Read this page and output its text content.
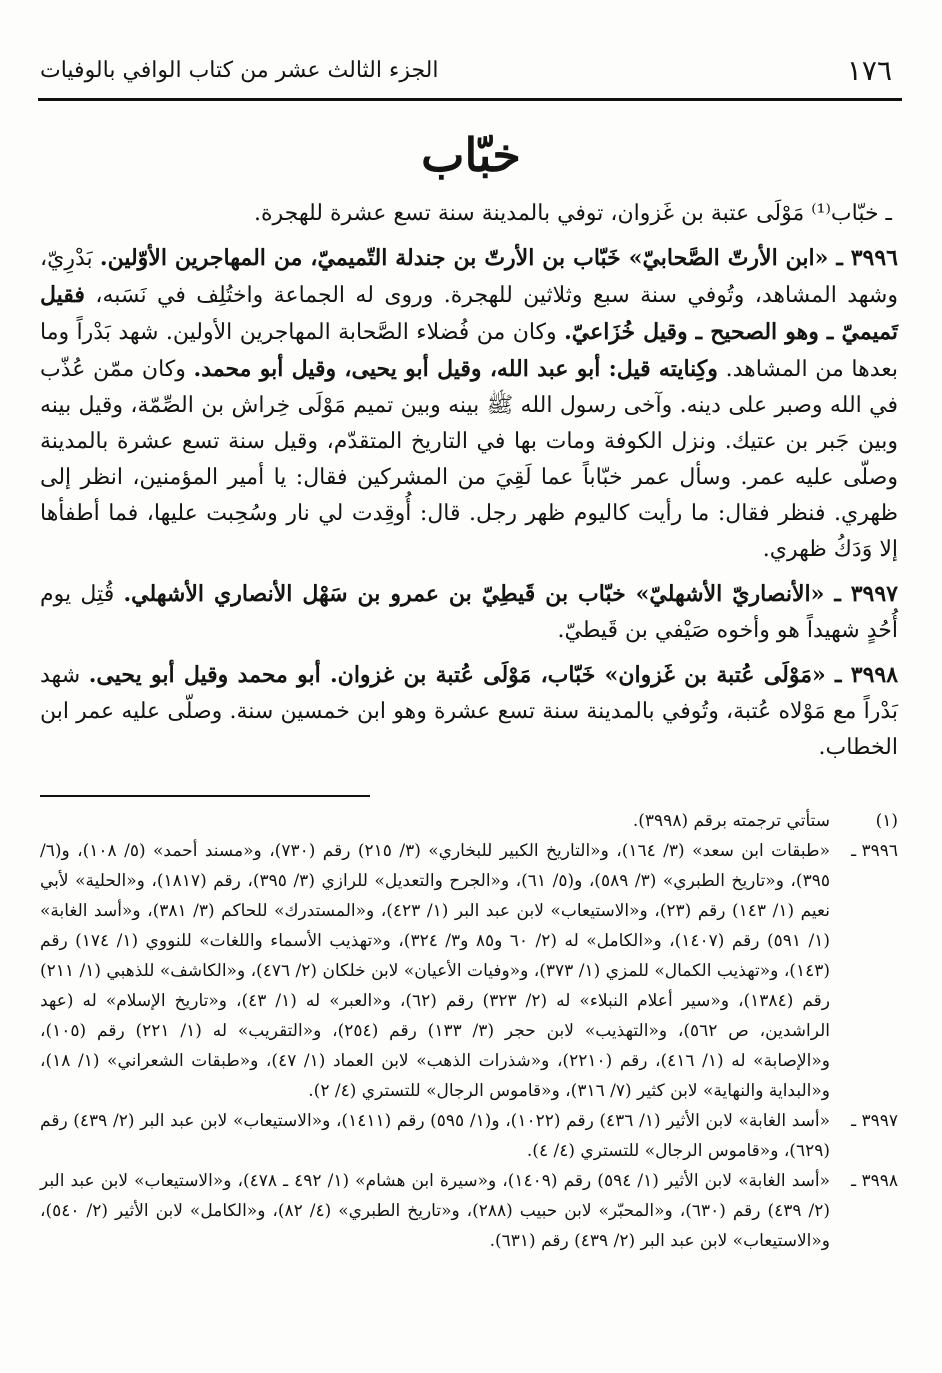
١٧٦
الجزء الثالث عشر من كتاب الوافي بالوفيات
خبّاب

ـ خبّاب⁽¹⁾ مَوْلَى عتبة بن غَزوان، توفي بالمدينة سنة تسع عشرة للهجرة.

٣٩٩٦ ـ «ابن الأرتّ الصَّحابيّ» خَبّاب بن الأرتّ بن جندلة التّميميّ، من المهاجرين الأوّلين. بَدْرِيّ، وشهد المشاهد، وتُوفي سنة سبع وثلاثين للهجرة. وروى له الجماعة واختُلِف في نَسَبه، فقيل تَميميّ ـ وهو الصحيح ـ وقيل خُزَاعيّ. وكان من فُضلاء الصَّحابة المهاجرين الأولين. شهد بَدْراً وما بعدها من المشاهد. وكِنايته قيل: أبو عبد الله، وقيل أبو يحيى، وقيل أبو محمد. وكان ممّن عُذّب في الله وصبر على دينه. وآخى رسول الله ﷺ بينه وبين تميم مَوْلَى خِراش بن الصِّمّة، وقيل بينه وبين جَبر بن عتيك. ونزل الكوفة ومات بها في التاريخ المتقدّم، وقيل سنة تسع عشرة بالمدينة وصلّى عليه عمر. وسأل عمر خبّاباً عما لَقِيَ من المشركين فقال: يا أمير المؤمنين، انظر إلى ظهري. فنظر فقال: ما رأيت كاليوم ظهر رجل. قال: أُوقِدت لي نار وسُحِبت عليها، فما أطفأها إلا وَدَكُ ظهري.

٣٩٩٧ ـ «الأنصاريّ الأشهليّ» خبّاب بن قَيطِيّ بن عمرو بن سَهْل الأنصاري الأشهلي. قُتِل يوم أُحُدٍ شهيداً هو وأخوه صَيْفي بن قَيطيّ.

٣٩٩٨ ـ «مَوْلَى عُتبة بن غَزوان» خَبّاب، مَوْلَى عُتبة بن غزوان. أبو محمد وقيل أبو يحيى. شهد بَدْراً مع مَوْلاه عُتبة، وتُوفي بالمدينة سنة تسع عشرة وهو ابن خمسين سنة. وصلّى عليه عمر ابن الخطاب.

(١)
ستأتي ترجمته برقم (٣٩٩٨).
٣٩٩٦ ـ
«طبقات ابن سعد» (٣/ ١٦٤)، و«التاريخ الكبير للبخاري» (٣/ ٢١٥) رقم (٧٣٠)، و«مسند أحمد» (٥/ ١٠٨)، و(٦/ ٣٩٥)، و«تاريخ الطبري» (٣/ ٥٨٩)، و(٥/ ٦١)، و«الجرح والتعديل» للرازي (٣/ ٣٩٥)، رقم (١٨١٧)، و«الحلية» لأبي نعيم (١/ ١٤٣) رقم (٢٣)، و«الاستيعاب» لابن عبد البر (١/ ٤٢٣)، و«المستدرك» للحاكم (٣/ ٣٨١)، و«أسد الغابة» (١/ ٥٩١) رقم (١٤٠٧)، و«الكامل» له (٢/ ٦٠ و٨٥ و٣/ ٣٢٤)، و«تهذيب الأسماء واللغات» للنووي (١/ ١٧٤) رقم (١٤٣)، و«تهذيب الكمال» للمزي (١/ ٣٧٣)، و«وفيات الأعيان» لابن خلكان (٢/ ٤٧٦)، و«الكاشف» للذهبي (١/ ٢١١) رقم (١٣٨٤)، و«سير أعلام النبلاء» له (٢/ ٣٢٣) رقم (٦٢)، و«العبر» له (١/ ٤٣)، و«تاريخ الإسلام» له (عهد الراشدين، ص ٥٦٢)، و«التهذيب» لابن حجر (٣/ ١٣٣) رقم (٢٥٤)، و«التقريب» له (١/ ٢٢١) رقم (١٠٥)، و«الإصابة» له (١/ ٤١٦)، رقم (٢٢١٠)، و«شذرات الذهب» لابن العماد (١/ ٤٧)، و«طبقات الشعراني» (١/ ١٨)، و«البداية والنهاية» لابن كثير (٧/ ٣١٦)، و«قاموس الرجال» للتستري (٤/ ٢).
٣٩٩٧ ـ
«أسد الغابة» لابن الأثير (١/ ٤٣٦) رقم (١٠٢٢)، و(١/ ٥٩٥) رقم (١٤١١)، و«الاستيعاب» لابن عبد البر (٢/ ٤٣٩) رقم (٦٢٩)، و«قاموس الرجال» للتستري (٤/ ٤).
٣٩٩٨ ـ
«أسد الغابة» لابن الأثير (١/ ٥٩٤) رقم (١٤٠٩)، و«سيرة ابن هشام» (١/ ٤٩٢ ـ ٤٧٨)، و«الاستيعاب» لابن عبد البر (٢/ ٤٣٩) رقم (٦٣٠)، و«المحبّر» لابن حبيب (٢٨٨)، و«تاريخ الطبري» (٤/ ٨٢)، و«الكامل» لابن الأثير (٢/ ٥٤٠)، و«الاستيعاب» لابن عبد البر (٢/ ٤٣٩) رقم (٦٣١).
